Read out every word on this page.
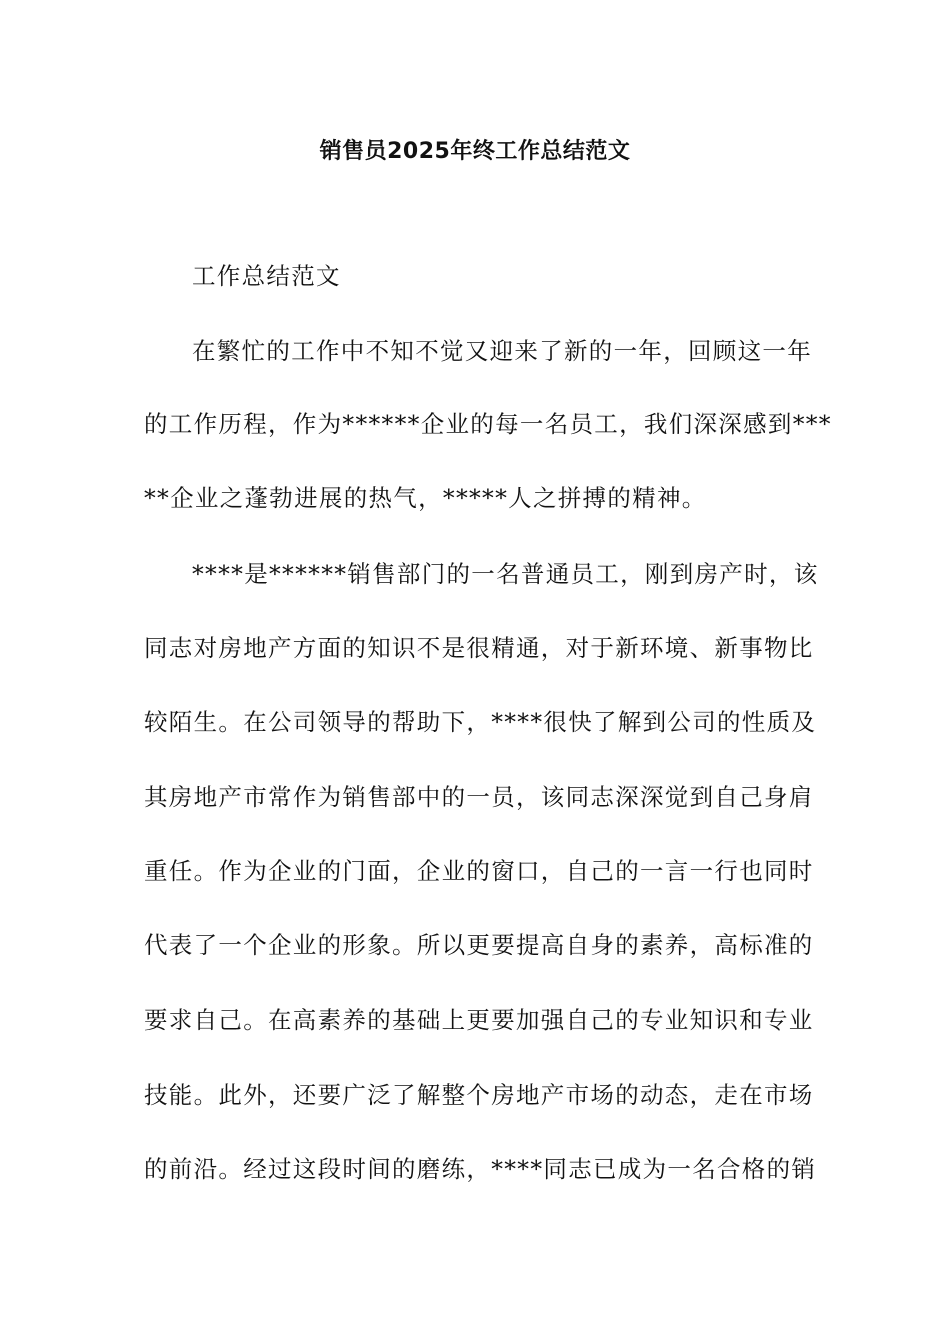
销售员2025年终工作总结范文
工作总结范文
在繁忙的工作中不知不觉又迎来了新的一年，回顾这一年
的工作历程，作为******企业的每一名员工，我们深深感到***
**企业之蓬勃进展的热气，*****人之拼搏的精神。
****是******销售部门的一名普通员工，刚到房产时，该
同志对房地产方面的知识不是很精通，对于新环境、新事物比
较陌生。在公司领导的帮助下，****很快了解到公司的性质及
其房地产市常作为销售部中的一员，该同志深深觉到自己身肩
重任。作为企业的门面，企业的窗口，自己的一言一行也同时
代表了一个企业的形象。所以更要提高自身的素养，高标准的
要求自己。在高素养的基础上更要加强自己的专业知识和专业
技能。此外，还要广泛了解整个房地产市场的动态，走在市场
的前沿。经过这段时间的磨练，****同志已成为一名合格的销
